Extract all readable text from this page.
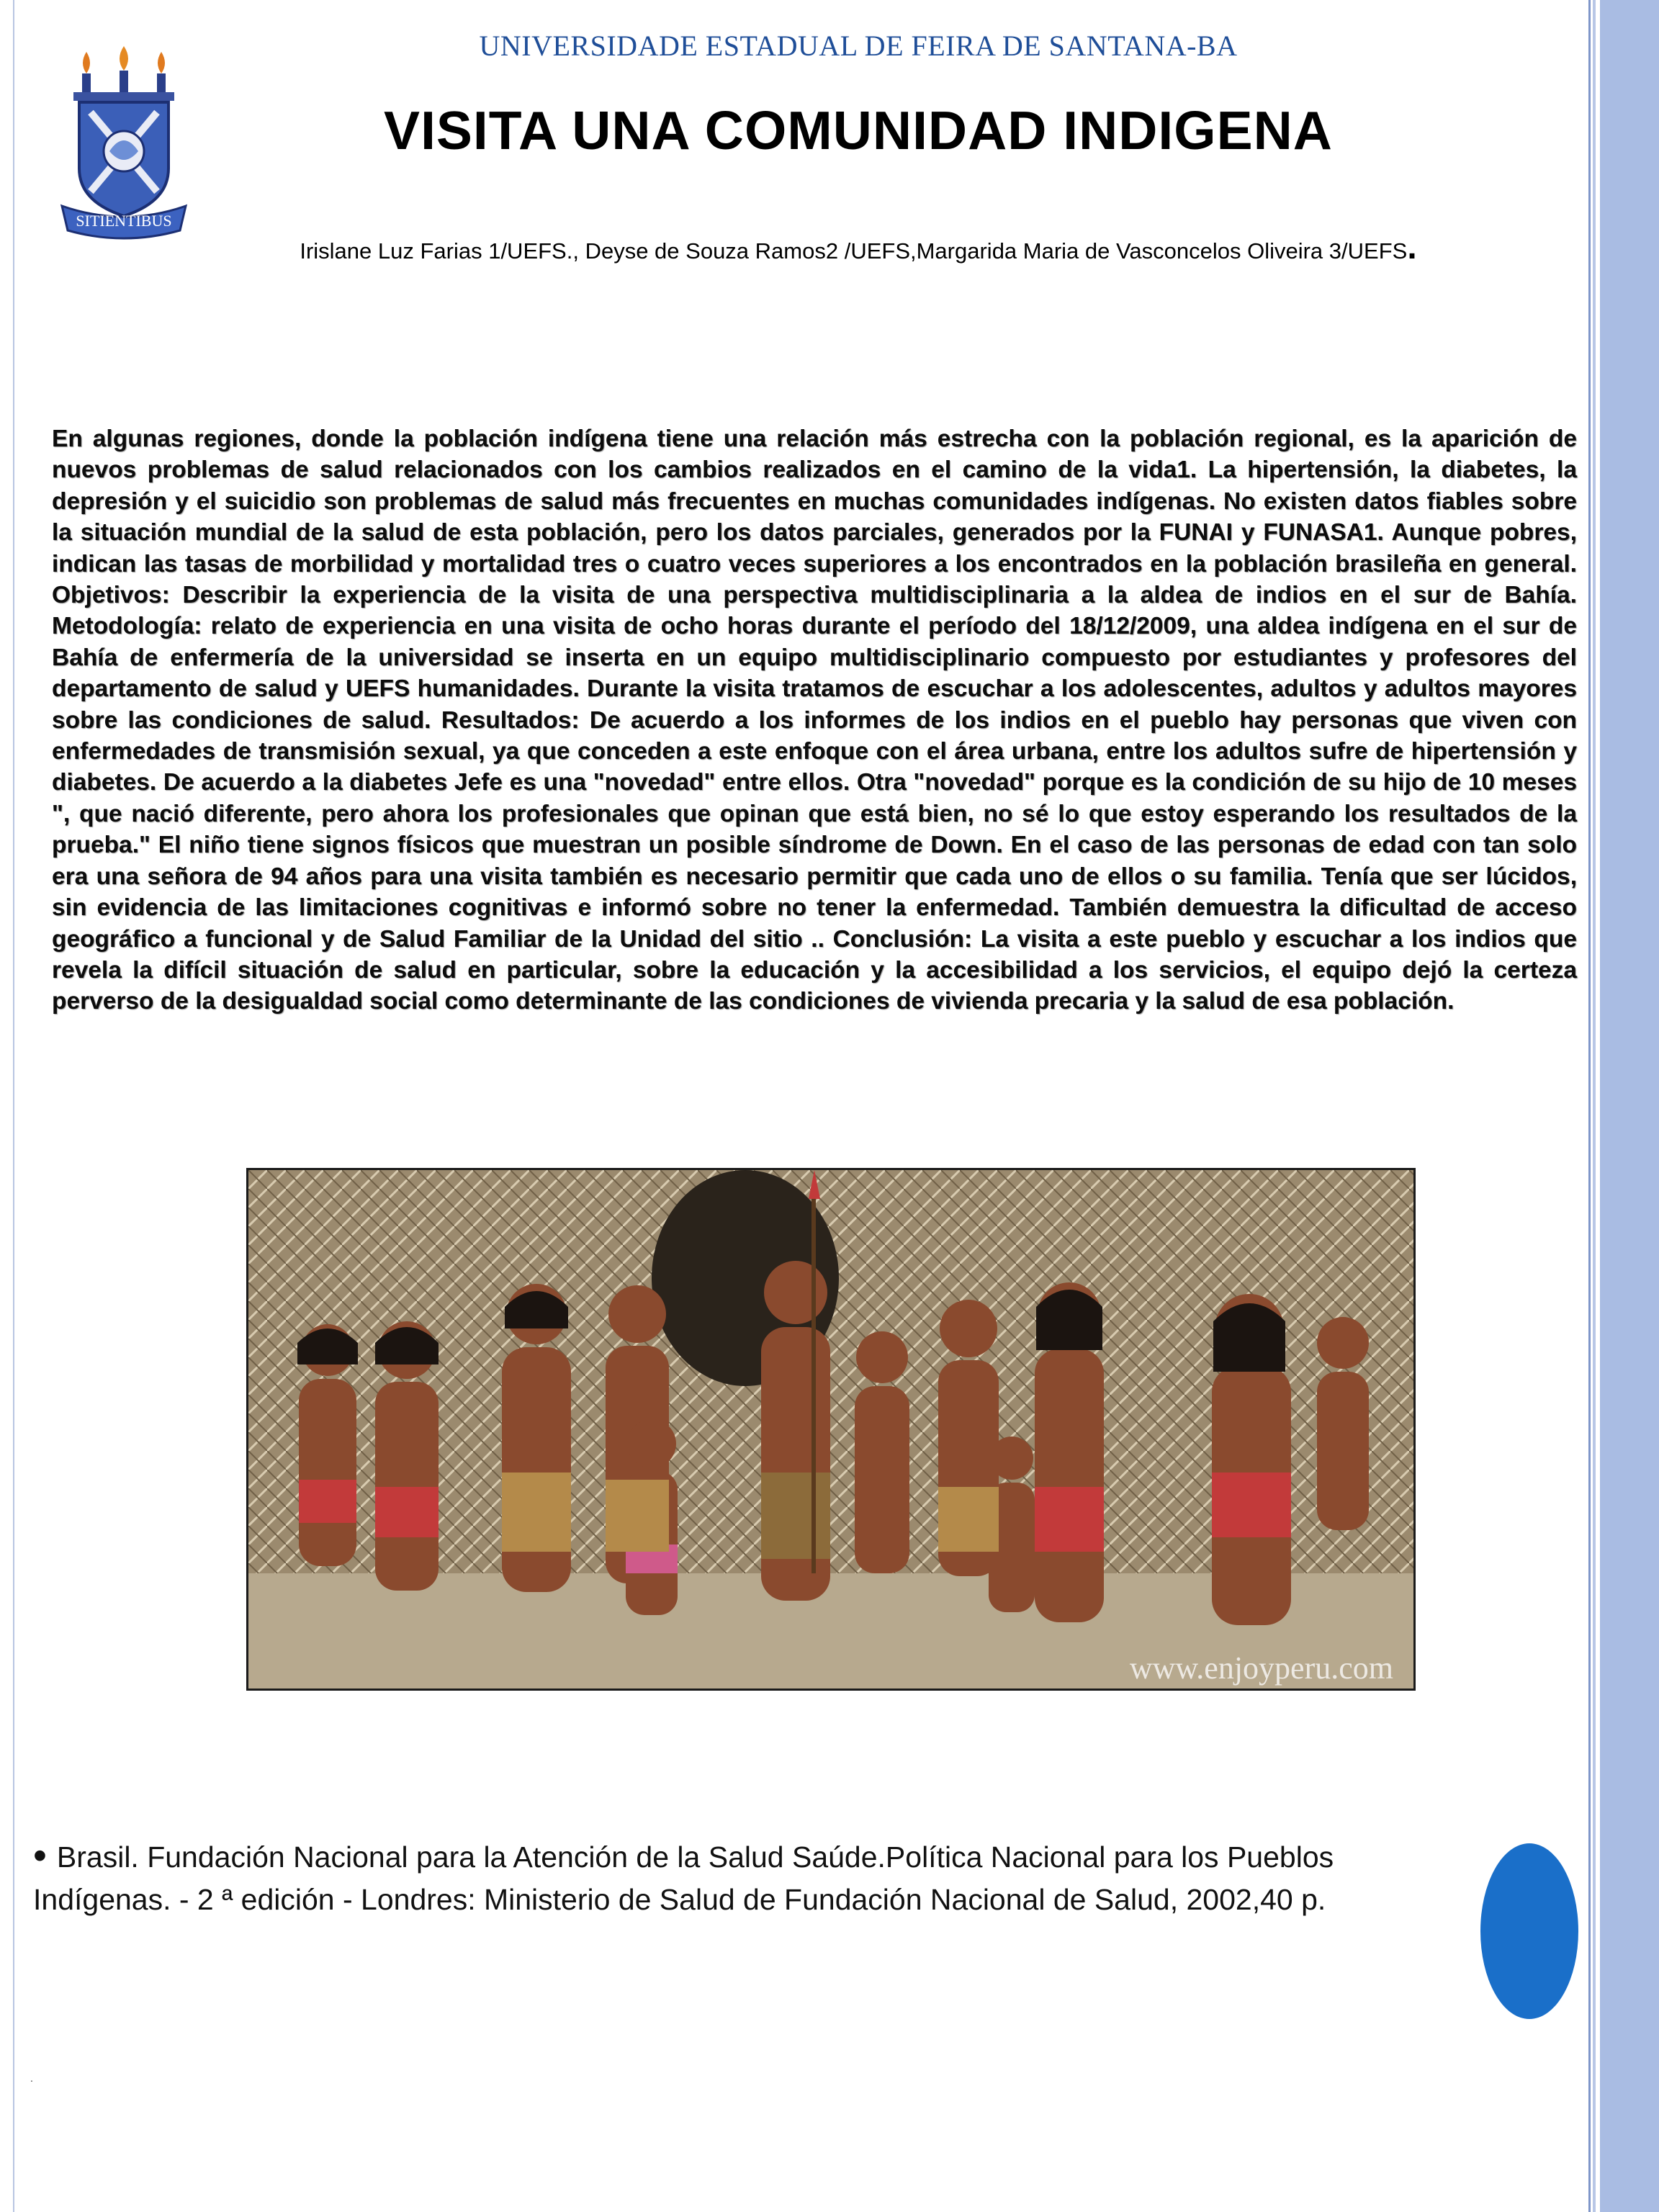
SITIENTIBUS
UNIVERSIDADE ESTADUAL DE FEIRA DE SANTANA-BA
VISITA UNA COMUNIDAD INDIGENA
Irislane Luz Farias 1/UEFS., Deyse de Souza Ramos2 /UEFS,Margarida Maria de Vasconcelos Oliveira 3/UEFS.

En algunas regiones, donde la población indígena tiene una relación más estrecha con la población regional, es la aparición de nuevos problemas de salud relacionados con los cambios realizados en el camino de la vida1. La hipertensión, la diabetes, la depresión y el suicidio son problemas de salud más frecuentes en muchas comunidades indígenas. No existen datos fiables sobre la situación mundial de la salud de esta población, pero los datos parciales, generados por la FUNAI y FUNASA1. Aunque pobres, indican las tasas de morbilidad y mortalidad tres o cuatro veces superiores a los encontrados en la población brasileña en general. Objetivos: Describir la experiencia de la visita de una perspectiva multidisciplinaria a la aldea de indios en el sur de Bahía. Metodología: relato de experiencia en una visita de ocho horas durante el período del 18/12/2009, una aldea indígena en el sur de Bahía de enfermería de la universidad se inserta en un equipo multidisciplinario compuesto por estudiantes y profesores del departamento de salud y UEFS humanidades. Durante la visita tratamos de escuchar a los adolescentes, adultos y adultos mayores sobre las condiciones de salud. Resultados: De acuerdo a los informes de los indios en el pueblo hay personas que viven con enfermedades de transmisión sexual, ya que conceden a este enfoque con el área urbana, entre los adultos sufre de hipertensión y diabetes. De acuerdo a la diabetes Jefe es una "novedad" entre ellos. Otra "novedad" porque es la condición de su hijo de 10 meses ", que nació diferente, pero ahora los profesionales que opinan que está bien, no sé lo que estoy esperando los resultados de la prueba." El niño tiene signos físicos que muestran un posible síndrome de Down. En el caso de las personas de edad con tan solo era una señora de 94 años para una visita también es necesario permitir que cada uno de ellos o su familia. Tenía que ser lúcidos, sin evidencia de las limitaciones cognitivas e informó sobre no tener la enfermedad. También demuestra la dificultad de acceso geográfico a funcional y de Salud Familiar de la Unidad del sitio .. Conclusión: La visita a este pueblo y escuchar a los indios que revela la difícil situación de salud en particular, sobre la educación y la accesibilidad a los servicios, el equipo dejó la certeza perverso de la desigualdad social como determinante de las condiciones de vivienda precaria y la salud de esa población.

www.enjoyperu.com
• Brasil. Fundación Nacional para la Atención de la Salud Saúde.Política Nacional para los Pueblos Indígenas. - 2 ª edición - Londres: Ministerio de Salud de Fundación Nacional de Salud, 2002,40 p.
.
